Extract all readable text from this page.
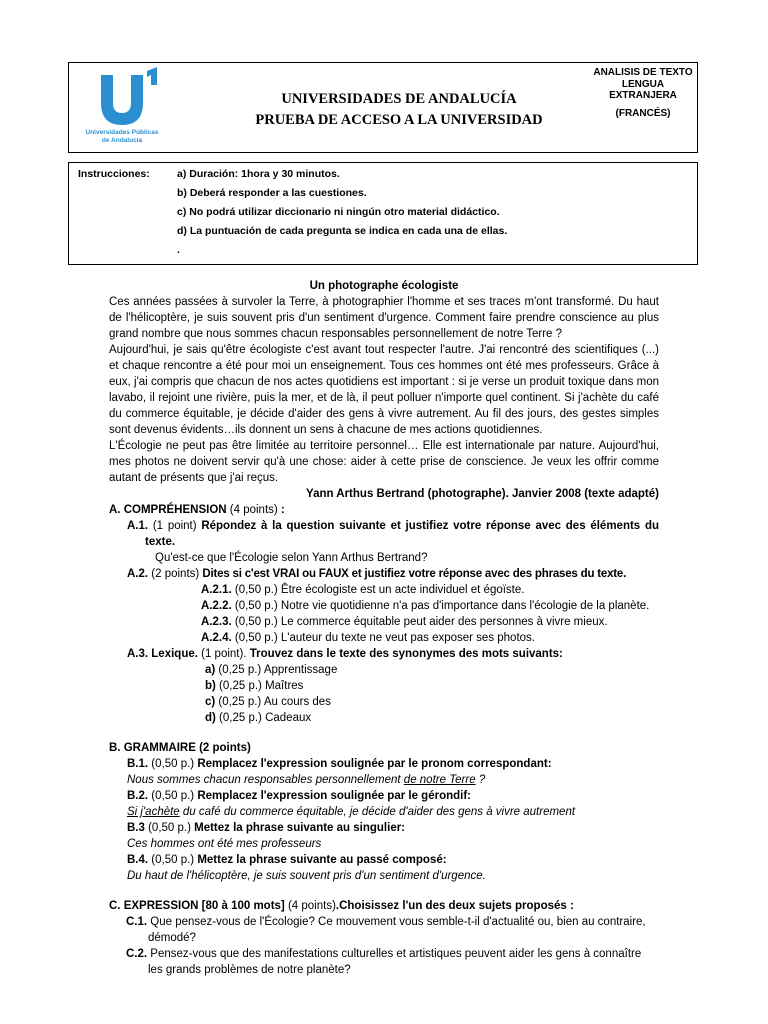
Universidades Públicas
de Andalucía
UNIVERSIDADES DE ANDALUCÍA
PRUEBA DE ACCESO A LA UNIVERSIDAD
ANALISIS DE TEXTO
LENGUA
EXTRANJERA
(FRANCÉS)
Instrucciones:	a) Duración: 1hora y 30 minutos.
b) Deberá responder a las cuestiones.
c) No podrá utilizar diccionario ni ningún otro material didáctico.
d) La puntuación de cada pregunta se indica en cada una de ellas.
.
Un photographe écologiste
Ces années passées à survoler la Terre, à photographier l'homme et ses traces m'ont transformé. Du haut de l'hélicoptère, je suis souvent pris d'un sentiment d'urgence. Comment faire prendre conscience au plus grand nombre que nous sommes chacun responsables personnellement de notre Terre ?
Aujourd'hui, je sais qu'être écologiste c'est avant tout respecter l'autre. J'ai rencontré des scientifiques (...) et chaque rencontre a été pour moi un enseignement. Tous ces hommes ont été mes professeurs. Grâce à eux, j'ai compris que chacun de nos actes quotidiens est important : si je verse un produit toxique dans mon lavabo, il rejoint une rivière, puis la mer, et de là, il peut polluer n'importe quel continent. Si j'achète du café du commerce équitable, je décide d'aider des gens à vivre autrement. Au fil des jours, des gestes simples sont devenus évidents…ils donnent un sens à chacune de mes actions quotidiennes.
L'Écologie ne peut pas être limitée au territoire personnel… Elle est internationale par nature. Aujourd'hui, mes photos ne doivent servir qu'à une chose: aider à cette prise de conscience. Je veux les offrir comme autant de présents que j'ai reçus.
Yann Arthus Bertrand (photographe). Janvier 2008 (texte adapté)
A. COMPRÉHENSION (4 points) :
A.1. (1 point) Répondez à la question suivante et justifiez votre réponse avec des éléments du texte.
Qu'est-ce que l'Écologie selon Yann Arthus Bertrand?
A.2. (2 points) Dites si c'est VRAI ou FAUX et justifiez votre réponse avec des phrases du texte.
A.2.1. (0,50 p.) Être écologiste est un acte individuel et égoïste.
A.2.2. (0,50 p.) Notre vie quotidienne n'a pas d'importance dans l'écologie de la planète.
A.2.3. (0,50 p.) Le commerce équitable peut aider des personnes à vivre mieux.
A.2.4. (0,50 p.) L'auteur du texte ne veut pas exposer ses photos.
A.3. Lexique. (1 point). Trouvez dans le texte des synonymes des mots suivants:
a) (0,25 p.) Apprentissage
b) (0,25 p.) Maîtres
c) (0,25 p.) Au cours des
d) (0,25 p.) Cadeaux
B. GRAMMAIRE (2 points)
B.1. (0,50 p.) Remplacez l'expression soulignée par le pronom correspondant:
Nous sommes chacun responsables personnellement de notre Terre ?
B.2. (0,50 p.) Remplacez l'expression soulignée par le gérondif:
Si j'achète du café du commerce équitable, je décide d'aider des gens à vivre autrement
B.3 (0,50 p.) Mettez la phrase suivante au singulier:
Ces hommes ont été mes professeurs
B.4. (0,50 p.) Mettez la phrase suivante au passé composé:
Du haut de l'hélicoptère, je suis souvent pris d'un sentiment d'urgence.
C. EXPRESSION [80 à 100 mots] (4 points).Choisissez l'un des deux sujets proposés :
C.1. Que pensez-vous de l'Écologie? Ce mouvement vous semble-t-il d'actualité ou, bien au contraire, démodé?
C.2. Pensez-vous que des manifestations culturelles et artistiques peuvent aider les gens à connaître les grands problèmes de notre planète?
